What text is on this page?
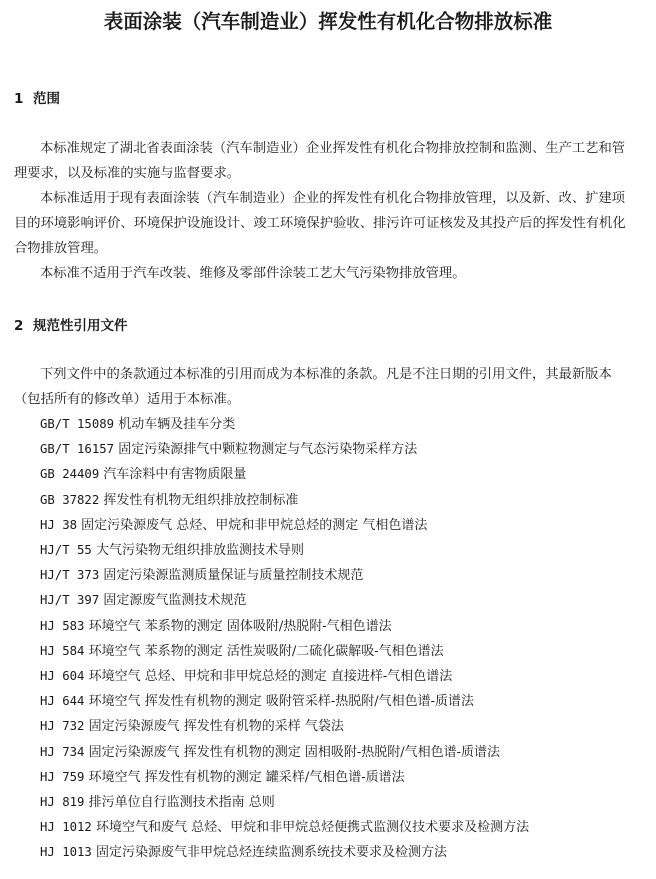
表面涂装（汽车制造业）挥发性有机化合物排放标准
1 范围

本标准规定了湖北省表面涂装（汽车制造业）企业挥发性有机化合物排放控制和监测、生产工艺和管理要求，以及标准的实施与监督要求。

本标准适用于现有表面涂装（汽车制造业）企业的挥发性有机化合物排放管理，以及新、改、扩建项目的环境影响评价、环境保护设施设计、竣工环境保护验收、排污许可证核发及其投产后的挥发性有机化合物排放管理。

本标准不适用于汽车改装、维修及零部件涂装工艺大气污染物排放管理。

2 规范性引用文件

下列文件中的条款通过本标准的引用而成为本标准的条款。凡是不注日期的引用文件，其最新版本（包括所有的修改单）适用于本标准。

GB/T 15089 机动车辆及挂车分类
GB/T 16157 固定污染源排气中颗粒物测定与气态污染物采样方法
GB 24409 汽车涂料中有害物质限量
GB 37822 挥发性有机物无组织排放控制标准
HJ 38 固定污染源废气 总烃、甲烷和非甲烷总烃的测定 气相色谱法
HJ/T 55 大气污染物无组织排放监测技术导则
HJ/T 373 固定污染源监测质量保证与质量控制技术规范
HJ/T 397 固定源废气监测技术规范
HJ 583 环境空气 苯系物的测定 固体吸附/热脱附-气相色谱法
HJ 584 环境空气 苯系物的测定 活性炭吸附/二硫化碳解吸-气相色谱法
HJ 604 环境空气 总烃、甲烷和非甲烷总烃的测定 直接进样-气相色谱法
HJ 644 环境空气 挥发性有机物的测定 吸附管采样-热脱附/气相色谱-质谱法
HJ 732 固定污染源废气 挥发性有机物的采样 气袋法
HJ 734 固定污染源废气 挥发性有机物的测定 固相吸附-热脱附/气相色谱-质谱法
HJ 759 环境空气 挥发性有机物的测定 罐采样/气相色谱-质谱法
HJ 819 排污单位自行监测技术指南 总则
HJ 1012 环境空气和废气 总烃、甲烷和非甲烷总烃便携式监测仪技术要求及检测方法
HJ 1013 固定污染源废气非甲烷总烃连续监测系统技术要求及检测方法
